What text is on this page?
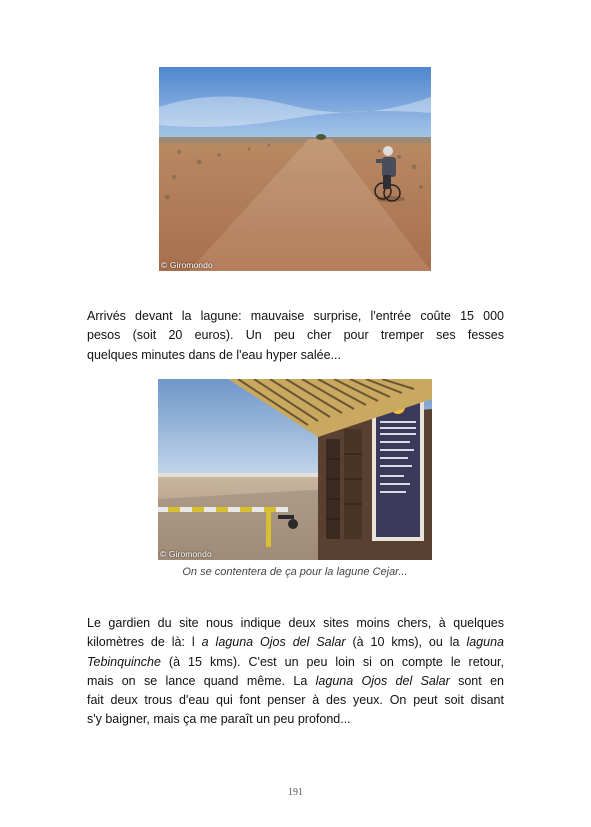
© Giromondo

Arrivés devant la lagune: mauvaise surprise, l'entrée coûte 15 000
pesos (soit 20 euros). Un peu cher pour tremper ses fesses
quelques minutes dans de l'eau hyper salée...

© Giromondo
On se contentera de ça pour la lagune Cejar...

Le gardien du site nous indique deux sites moins chers, à quelques
kilomètres de là: l a laguna Ojos del Salar (à 10 kms), ou la laguna
Tebinquinche (à 15 kms). C'est un peu loin si on compte le retour,
mais on se lance quand même. La laguna Ojos del Salar sont en
fait deux trous d'eau qui font penser à des yeux. On peut soit disant
s'y baigner, mais ça me paraît un peu profond...

191
